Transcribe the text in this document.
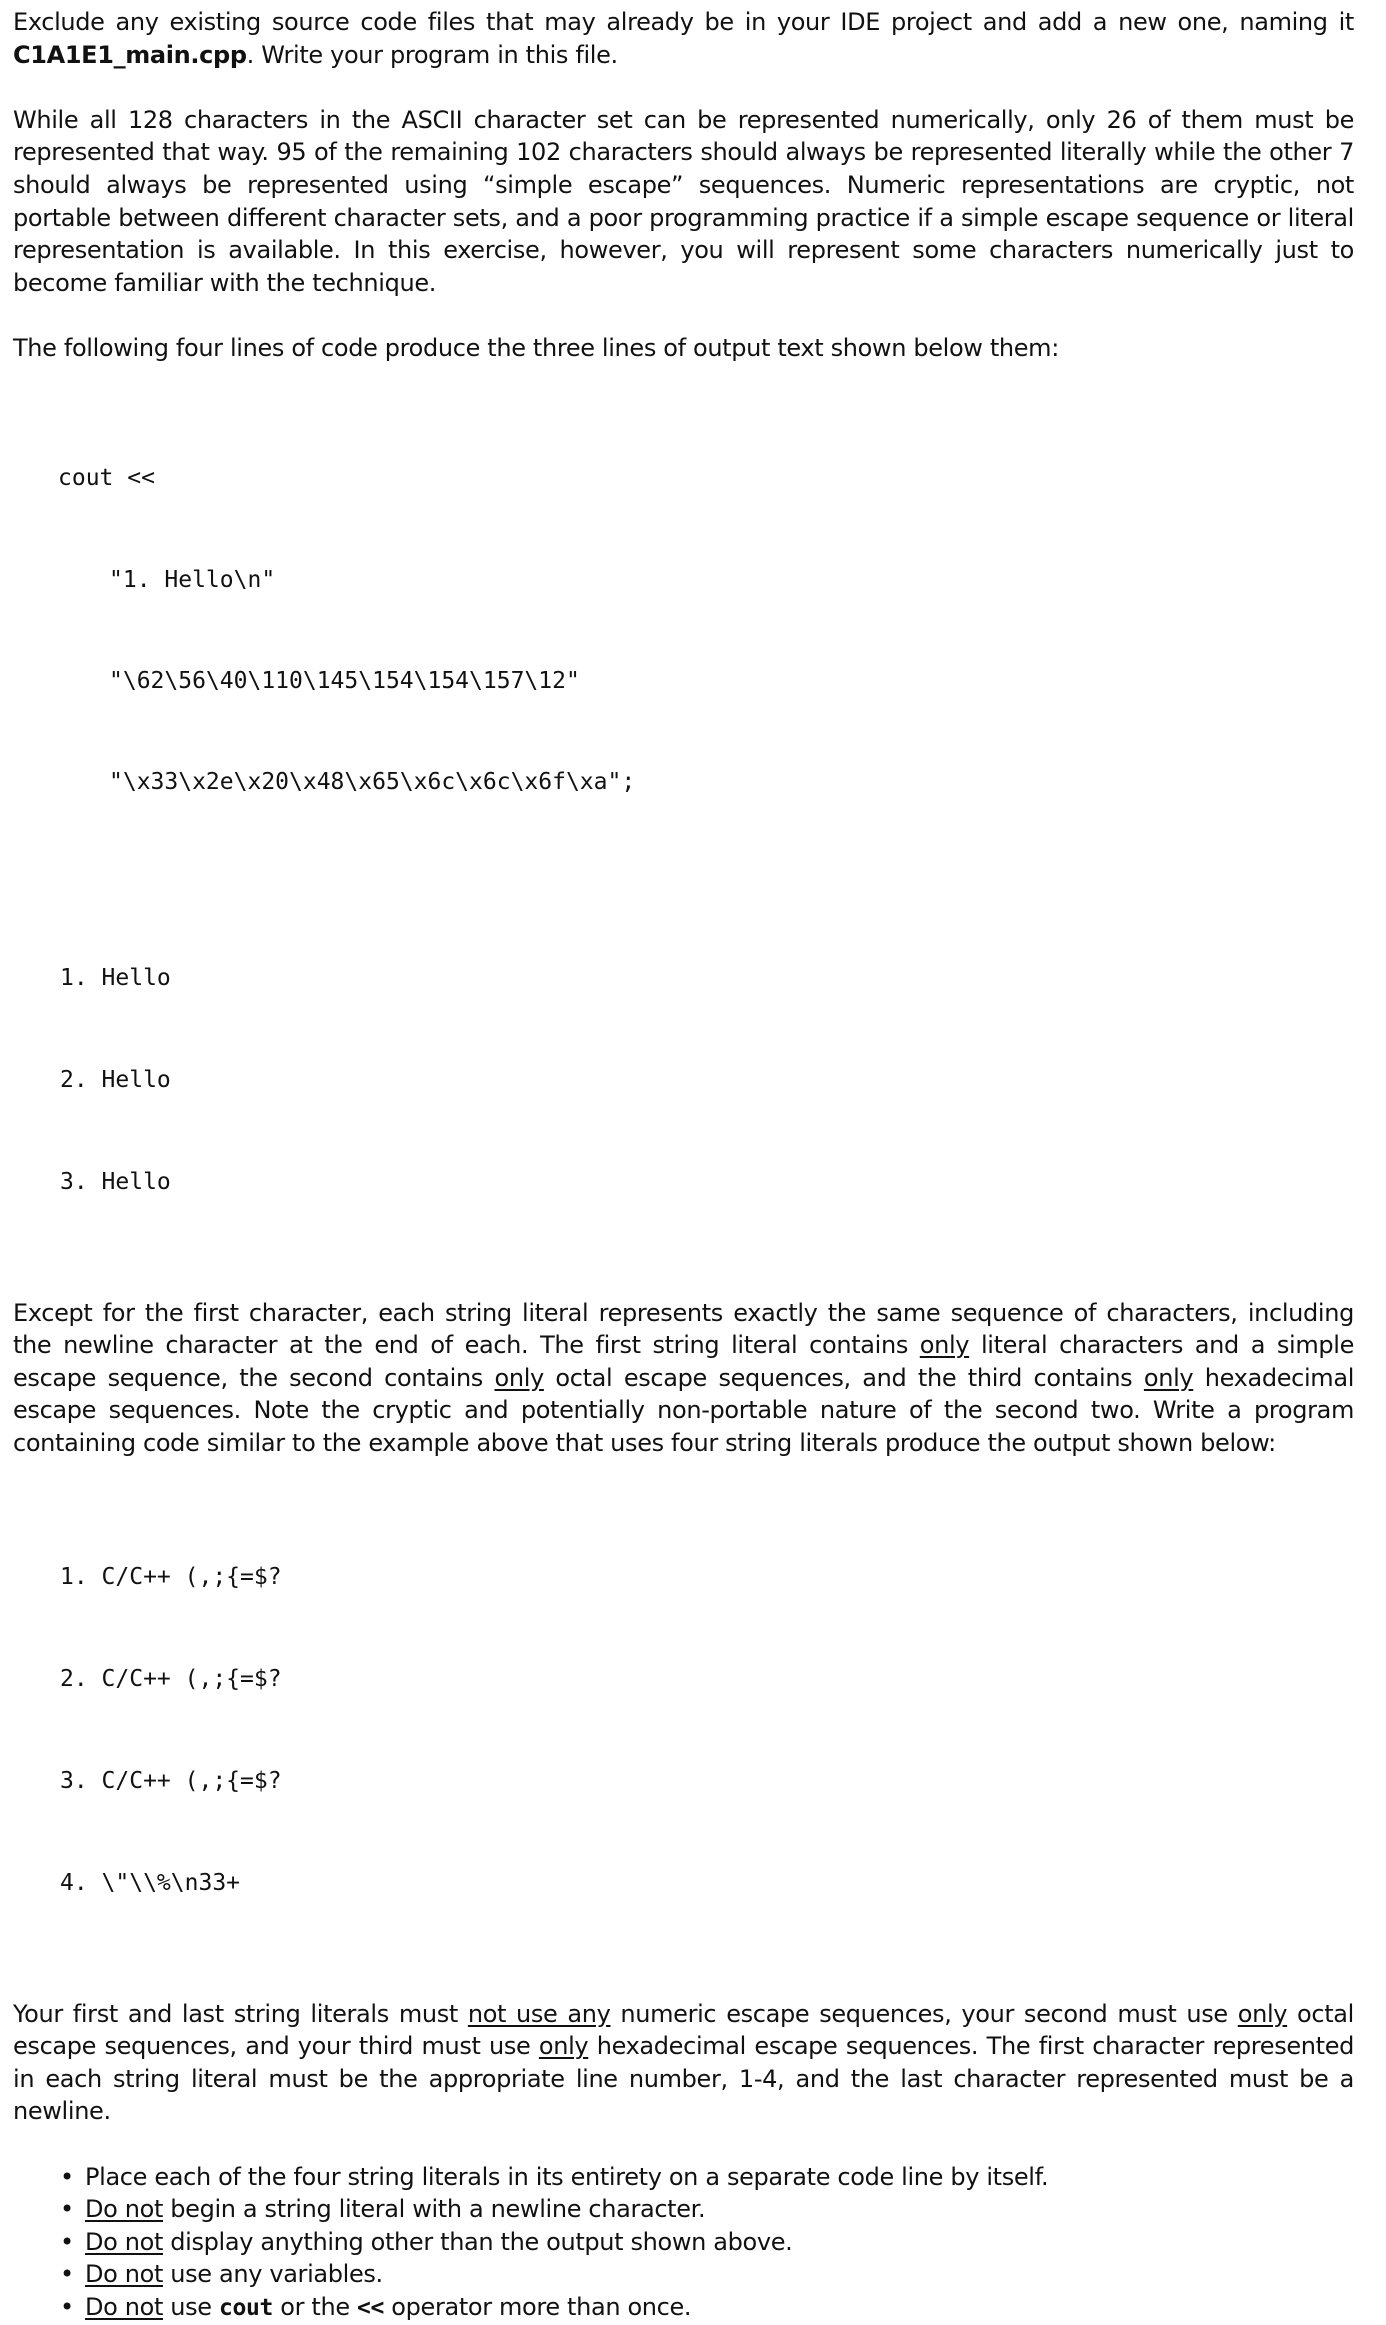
Exclude any existing source code files that may already be in your IDE project and add a new one, naming it C1A1E1_main.cpp. Write your program in this file.

While all 128 characters in the ASCII character set can be represented numerically, only 26 of them must be represented that way. 95 of the remaining 102 characters should always be represented literally while the other 7 should always be represented using “simple escape” sequences. Numeric representations are cryptic, not portable between different character sets, and a poor programming practice if a simple escape sequence or literal representation is available. In this exercise, however, you will represent some characters numerically just to become familiar with the technique.

The following four lines of code produce the three lines of output text shown below them:

cout <<

"1. Hello\n"

"\62\56\40\110\145\154\154\157\12"

"\x33\x2e\x20\x48\x65\x6c\x6c\x6f\xa";

1. Hello

2. Hello

3. Hello

Except for the first character, each string literal represents exactly the same sequence of characters, including the newline character at the end of each. The first string literal contains only literal characters and a simple escape sequence, the second contains only octal escape sequences, and the third contains only hexadecimal escape sequences. Note the cryptic and potentially non-portable nature of the second two. Write a program containing code similar to the example above that uses four string literals produce the output shown below:

1. C/C++ (,;{=$?

2. C/C++ (,;{=$?

3. C/C++ (,;{=$?

4. \"\\%\n33+

Your first and last string literals must not use any numeric escape sequences, your second must use only octal escape sequences, and your third must use only hexadecimal escape sequences. The first character represented in each string literal must be the appropriate line number, 1-4, and the last character represented must be a newline.

• Place each of the four string literals in its entirety on a separate code line by itself.
• Do not begin a string literal with a newline character.
• Do not display anything other than the output shown above.
• Do not use any variables.
• Do not use cout or the << operator more than once.
